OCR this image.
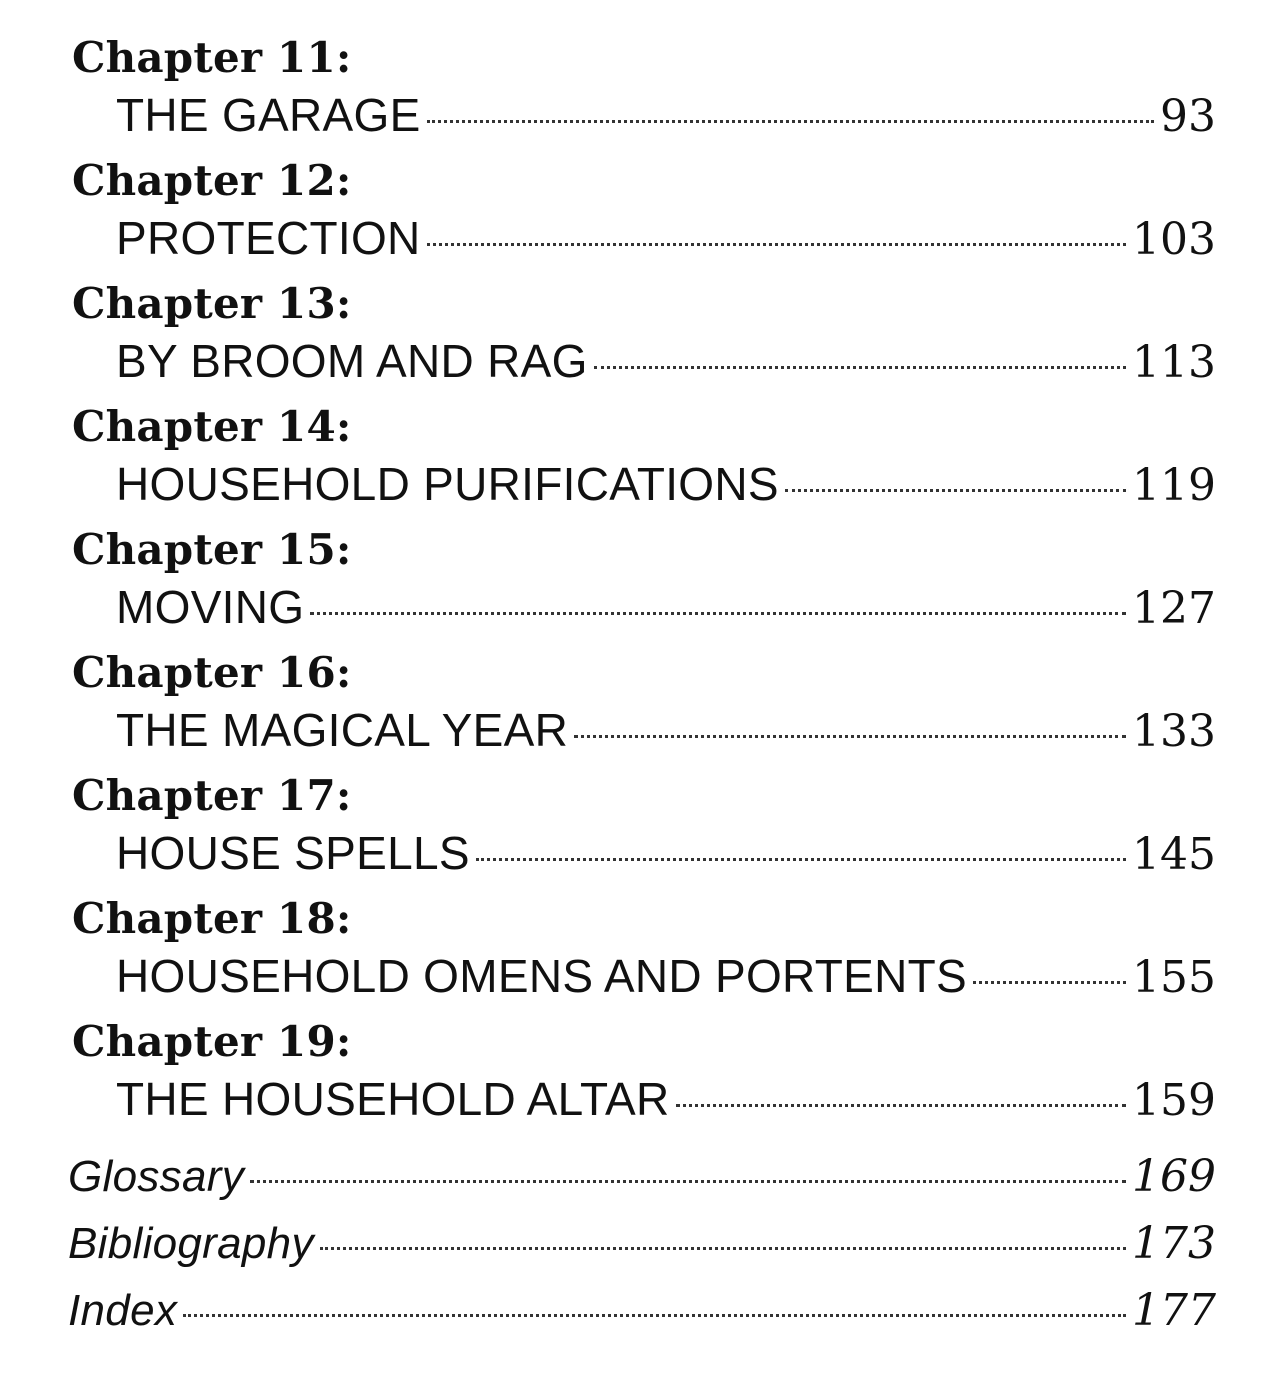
Chapter 11:
THE GARAGE	93
Chapter 12:
PROTECTION	103
Chapter 13:
BY BROOM AND RAG	113
Chapter 14:
HOUSEHOLD PURIFICATIONS	119
Chapter 15:
MOVING	127
Chapter 16:
THE MAGICAL YEAR	133
Chapter 17:
HOUSE SPELLS	145
Chapter 18:
HOUSEHOLD OMENS AND PORTENTS	155
Chapter 19:
THE HOUSEHOLD ALTAR	159
Glossary	169
Bibliography	173
Index	177
